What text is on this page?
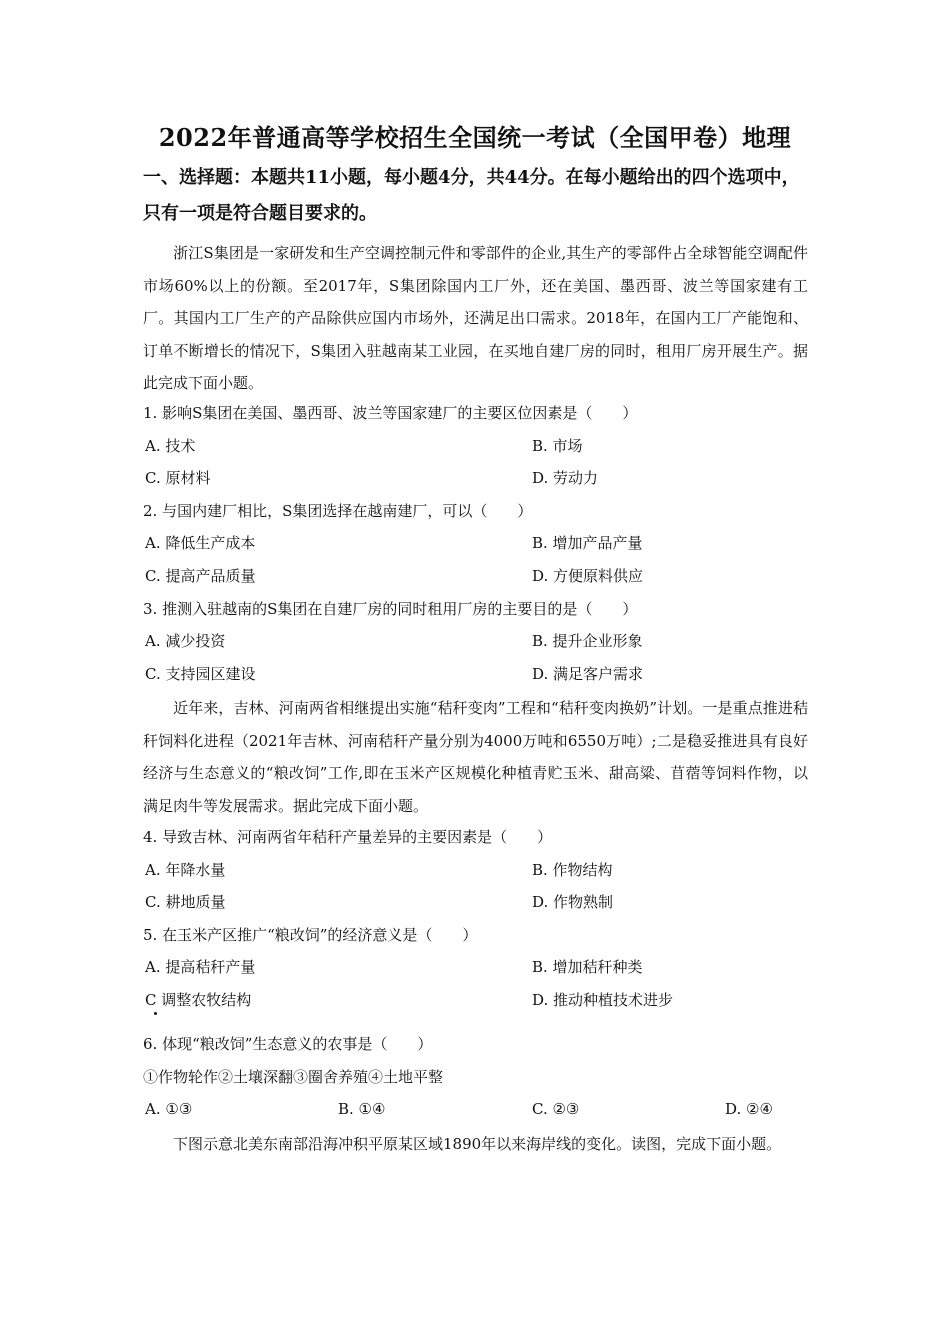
2022年普通高等学校招生全国统一考试（全国甲卷）地理
一、选择题：本题共11小题，每小题4分，共44分。在每小题给出的四个选项中，只有一项是符合题目要求的。
浙江S集团是一家研发和生产空调控制元件和零部件的企业,其生产的零部件占全球智能空调配件市场60%以上的份额。至2017年，S集团除国内工厂外，还在美国、墨西哥、波兰等国家建有工厂。其国内工厂生产的产品除供应国内市场外，还满足出口需求。2018年，在国内工厂产能饱和、订单不断增长的情况下，S集团入驻越南某工业园，在买地自建厂房的同时，租用厂房开展生产。据此完成下面小题。
1. 影响S集团在美国、墨西哥、波兰等国家建厂的主要区位因素是（　　）
A. 技术	B. 市场
C. 原材料	D. 劳动力
2. 与国内建厂相比，S集团选择在越南建厂，可以（　　）
A. 降低生产成本	B. 增加产品产量
C. 提高产品质量	D. 方便原料供应
3. 推测入驻越南的S集团在自建厂房的同时租用厂房的主要目的是（　　）
A. 减少投资	B. 提升企业形象
C. 支持园区建设	D. 满足客户需求
近年来，吉林、河南两省相继提出实施“秸秆变肉”工程和“秸秆变肉换奶”计划。一是重点推进秸秆饲料化进程（2021年吉林、河南秸秆产量分别为4000万吨和6550万吨）;二是稳妥推进具有良好经济与生态意义的“粮改饲”工作,即在玉米产区规模化种植青贮玉米、甜高粱、苜蓿等饲料作物，以满足肉牛等发展需求。据此完成下面小题。
4. 导致吉林、河南两省年秸秆产量差异的主要因素是（　　）
A. 年降水量	B. 作物结构
C. 耕地质量	D. 作物熟制
5. 在玉米产区推广“粮改饲”的经济意义是（　　）
A. 提高秸秆产量	B. 增加秸秆种类
C 调整农牧结构	D. 推动种植技术进步
6. 体现“粮改饲”生态意义的农事是（　　）
①作物轮作②土壤深翻③圈舍养殖④土地平整
A. ①③	B. ①④	C. ②③	D. ②④
下图示意北美东南部沿海冲积平原某区域1890年以来海岸线的变化。读图，完成下面小题。
